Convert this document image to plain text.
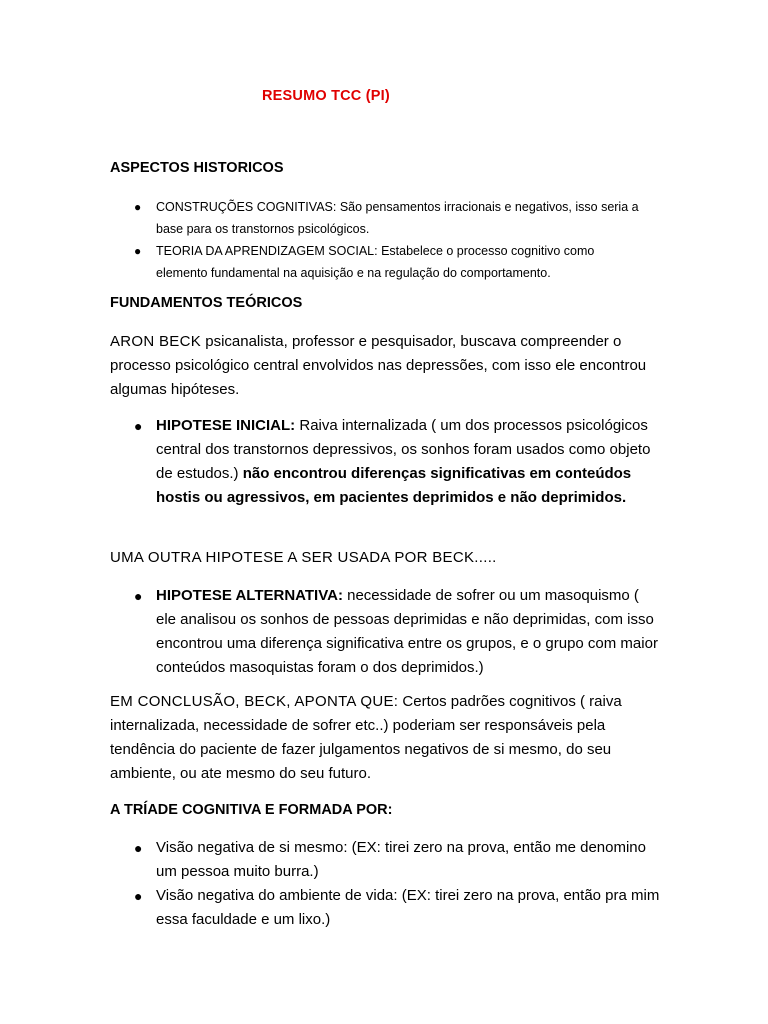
RESUMO TCC (PI)
ASPECTOS HISTORICOS
● CONSTRUÇÕES COGNITIVAS: São pensamentos irracionais e negativos, isso seria a base para os transtornos psicológicos.
● TEORIA DA APRENDIZAGEM SOCIAL: Estabelece o processo cognitivo como elemento fundamental na aquisição e na regulação do comportamento.
FUNDAMENTOS TEÓRICOS
ARON BECK psicanalista, professor e pesquisador, buscava compreender o processo psicológico central envolvidos nas depressões, com isso ele encontrou algumas hipóteses.
● HIPOTESE INICIAL: Raiva internalizada ( um dos processos psicológicos central dos transtornos depressivos, os sonhos foram usados como objeto de estudos.) não encontrou diferenças significativas em conteúdos hostis ou agressivos, em pacientes deprimidos e não deprimidos.
UMA OUTRA HIPOTESE A SER USADA POR BECK.....
● HIPOTESE ALTERNATIVA: necessidade de sofrer ou um masoquismo ( ele analisou os sonhos de pessoas deprimidas e não deprimidas, com isso encontrou uma diferença significativa entre os grupos, e o grupo com maior conteúdos masoquistas foram o dos deprimidos.)
EM CONCLUSÃO, BECK, APONTA QUE: Certos padrões cognitivos ( raiva internalizada, necessidade de sofrer etc..) poderiam ser responsáveis pela tendência do paciente de fazer julgamentos negativos de si mesmo, do seu ambiente, ou ate mesmo do seu futuro.
A TRÍADE COGNITIVA E FORMADA POR:
● Visão negativa de si mesmo: (EX: tirei zero na prova, então me denomino um pessoa muito burra.)
● Visão negativa do ambiente de vida: (EX: tirei zero na prova, então pra mim essa faculdade e um lixo.)
